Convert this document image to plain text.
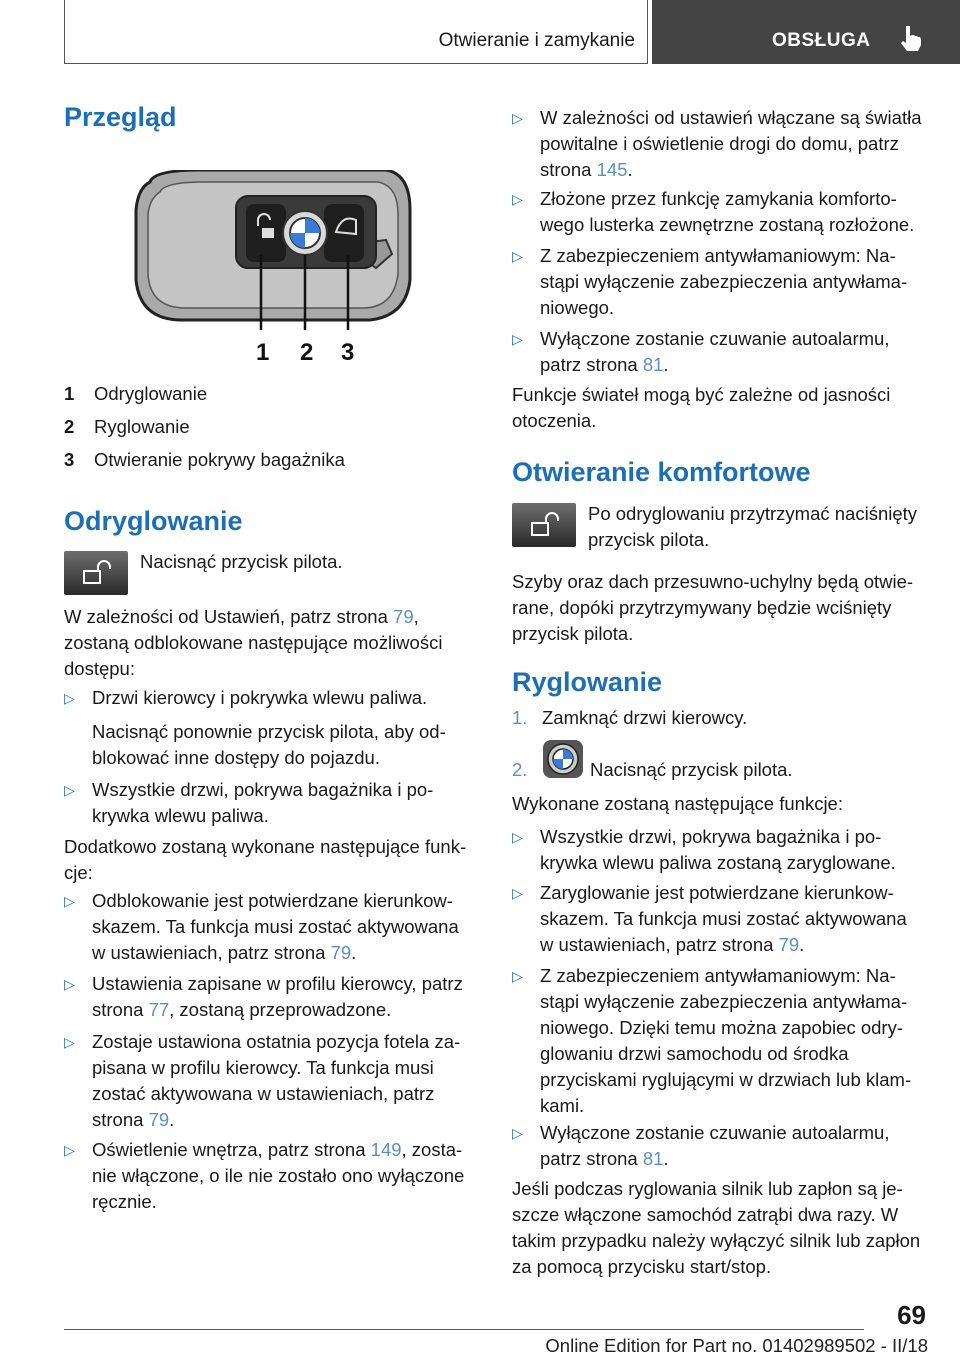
Otwieranie i zamykanie	OBSŁUGA
Przegląd
1 2 3
1 Odryglowanie
2 Ryglowanie
3 Otwieranie pokrywy bagażnika
Odryglowanie
Nacisnąć przycisk pilota.
W zależności od Ustawień, patrz strona 79,
zostaną odblokowane następujące możliwości
dostępu:
▷ Drzwi kierowcy i pokrywka wlewu paliwa.
Nacisnąć ponownie przycisk pilota, aby od-
blokować inne dostępy do pojazdu.
▷ Wszystkie drzwi, pokrywa bagażnika i po-
krywka wlewu paliwa.
Dodatkowo zostaną wykonane następujące funk-
cje:
▷ Odblokowanie jest potwierdzane kierunkow-
skazem. Ta funkcja musi zostać aktywowana
w ustawieniach, patrz strona 79.
▷ Ustawienia zapisane w profilu kierowcy, patrz
strona 77, zostaną przeprowadzone.
▷ Zostaje ustawiona ostatnia pozycja fotela za-
pisana w profilu kierowcy. Ta funkcja musi
zostać aktywowana w ustawieniach, patrz
strona 79.
▷ Oświetlenie wnętrza, patrz strona 149, zosta-
nie włączone, o ile nie zostało ono wyłączone
ręcznie.
▷ W zależności od ustawień włączane są światła
powitalne i oświetlenie drogi do domu, patrz
strona 145.
▷ Złożone przez funkcję zamykania komforto-
wego lusterka zewnętrzne zostaną rozłożone.
▷ Z zabezpieczeniem antywłamaniowym: Na-
stąpi wyłączenie zabezpieczenia antywłama-
niowego.
▷ Wyłączone zostanie czuwanie autoalarmu,
patrz strona 81.
Funkcje świateł mogą być zależne od jasności
otoczenia.
Otwieranie komfortowe
Po odryglowaniu przytrzymać naciśnięty
przycisk pilota.
Szyby oraz dach przesuwno-uchylny będą otwie-
rane, dopóki przytrzymywany będzie wciśnięty
przycisk pilota.
Ryglowanie
1. Zamknąć drzwi kierowcy.
2.	Nacisnąć przycisk pilota.
Wykonane zostaną następujące funkcje:
▷ Wszystkie drzwi, pokrywa bagażnika i po-
krywka wlewu paliwa zostaną zaryglowane.
▷ Zaryglowanie jest potwierdzane kierunkow-
skazem. Ta funkcja musi zostać aktywowana
w ustawieniach, patrz strona 79.
▷ Z zabezpieczeniem antywłamaniowym: Na-
stąpi wyłączenie zabezpieczenia antywłama-
niowego. Dzięki temu można zapobiec odry-
glowaniu drzwi samochodu od środka
przyciskami ryglującymi w drzwiach lub klam-
kami.
▷ Wyłączone zostanie czuwanie autoalarmu,
patrz strona 81.
Jeśli podczas ryglowania silnik lub zapłon są je-
szcze włączone samochód zatrąbi dwa razy. W
takim przypadku należy wyłączyć silnik lub zapłon
za pomocą przycisku start/stop.
69
Online Edition for Part no. 01402989502 - II/18
